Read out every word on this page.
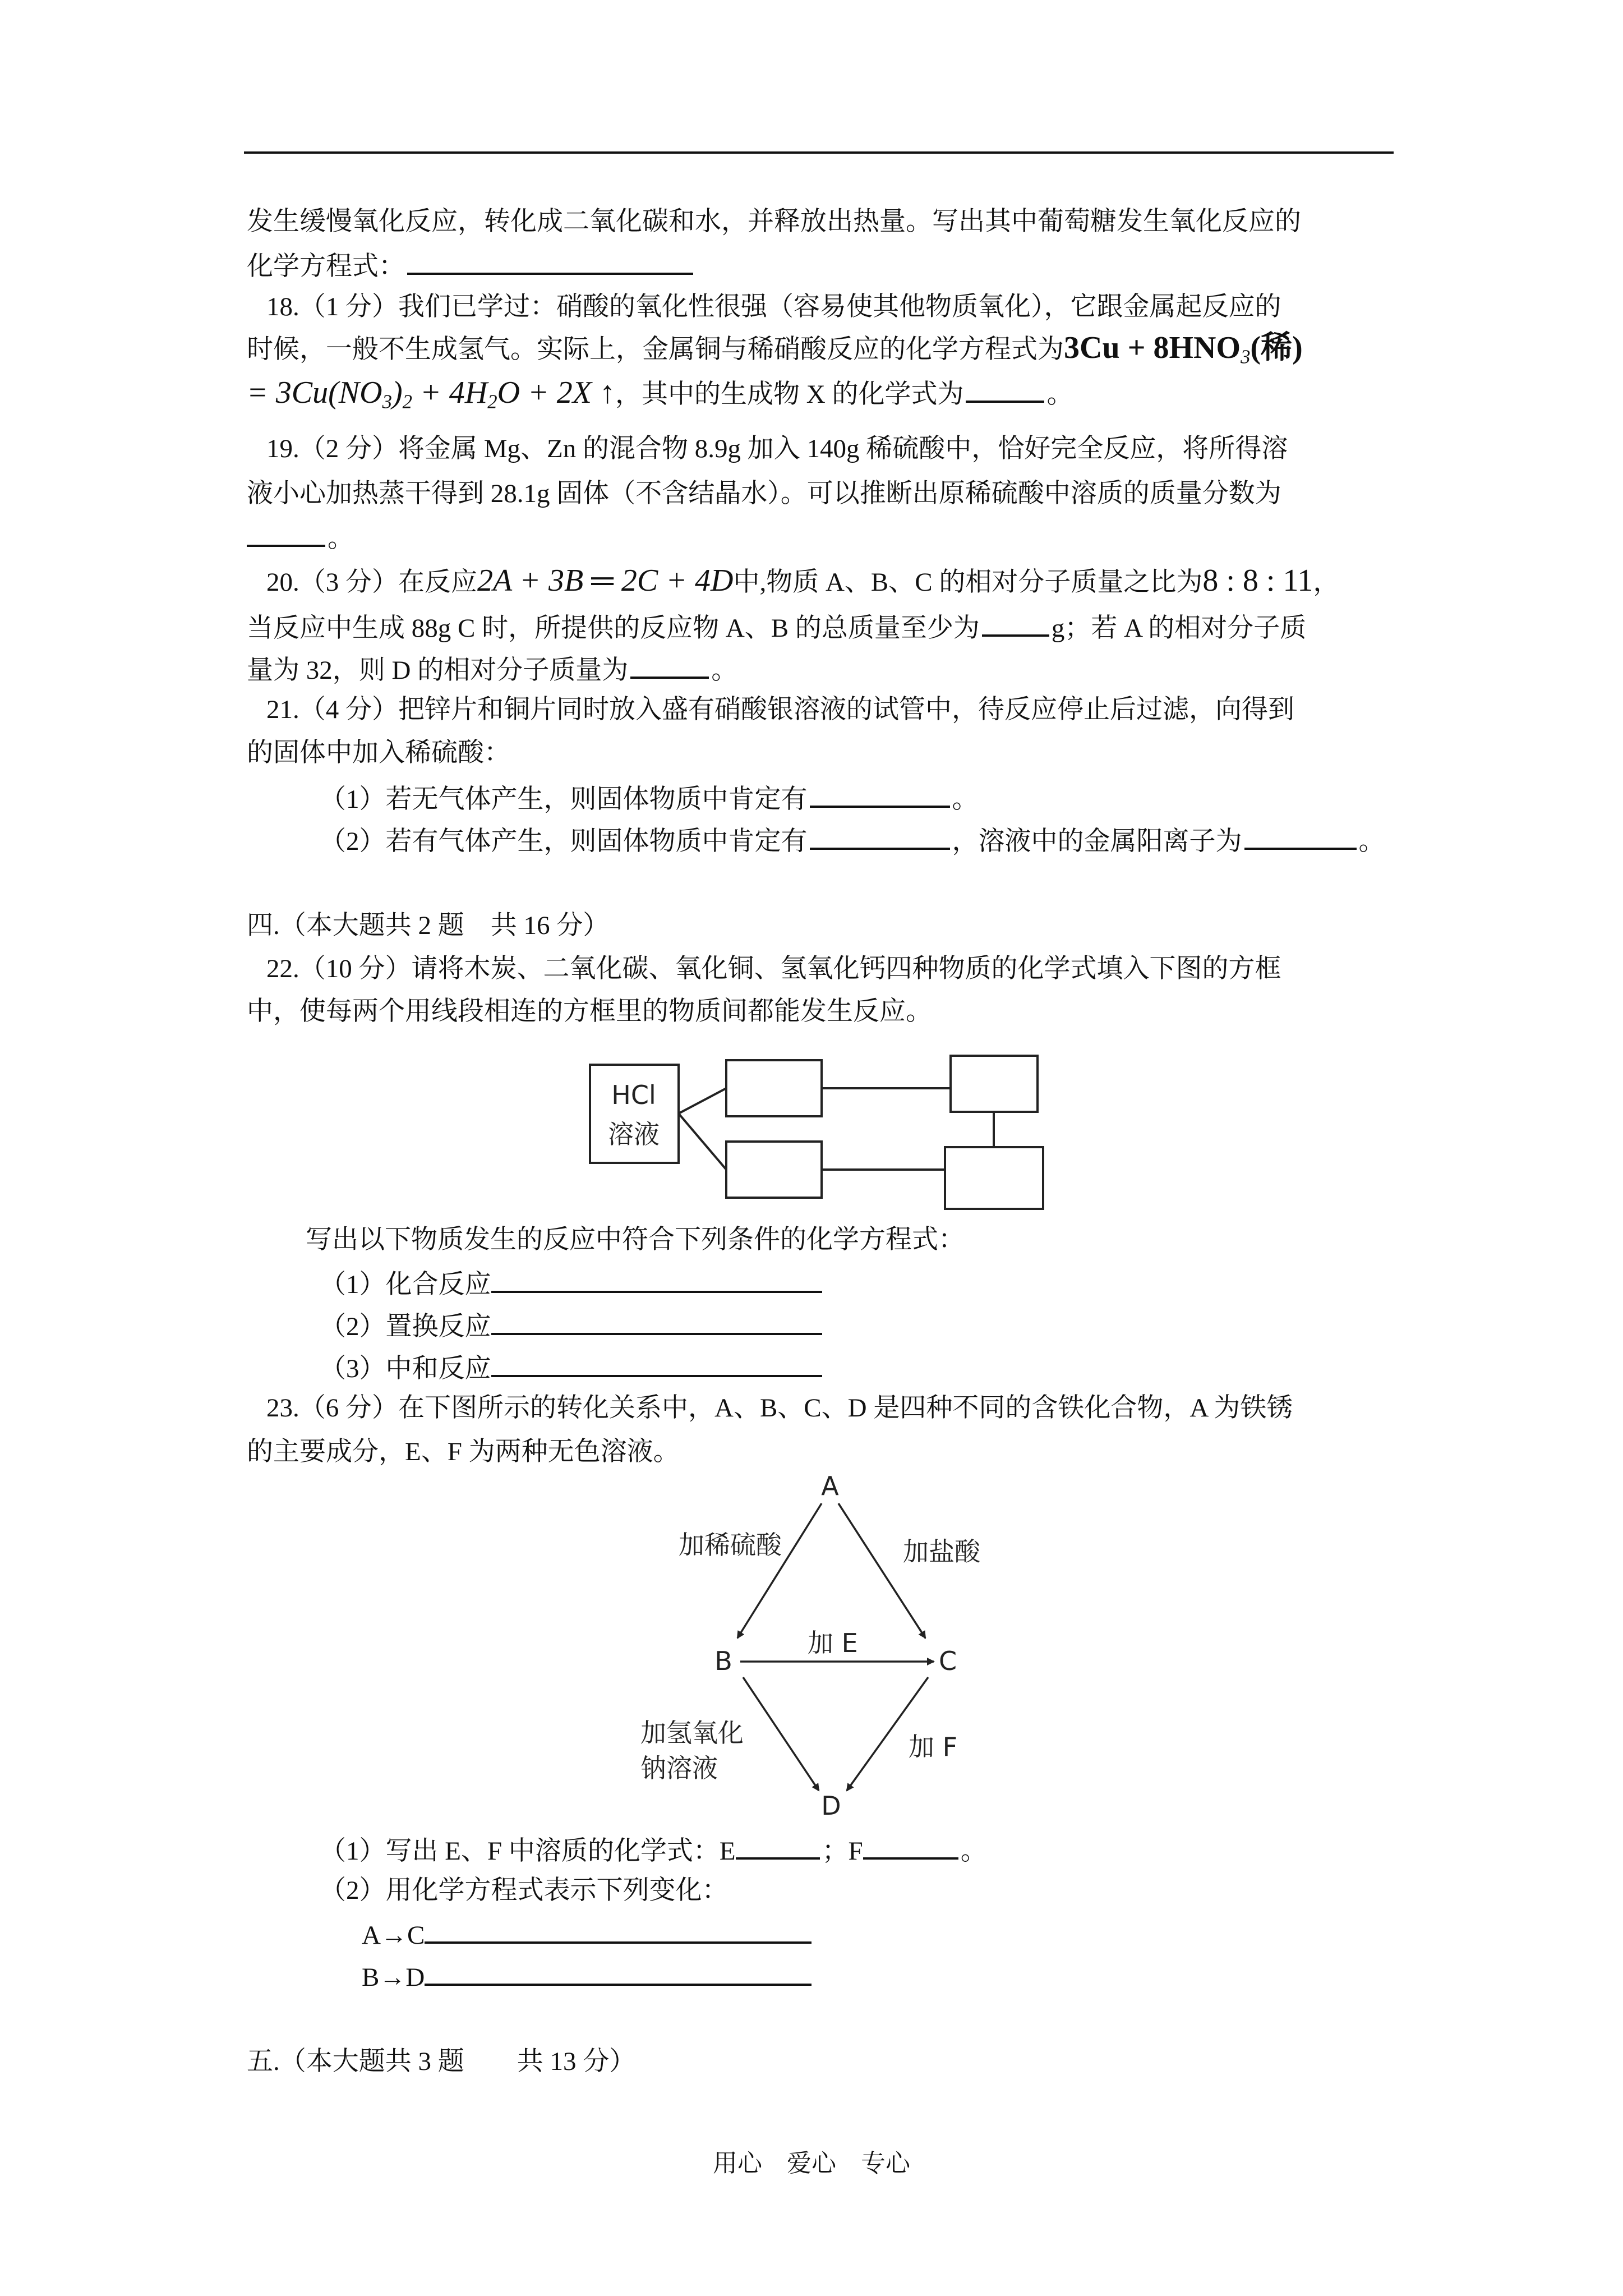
发生缓慢氧化反应，转化成二氧化碳和水，并释放出热量。写出其中葡萄糖发生氧化反应的
化学方程式：
18.（1 分）我们已学过：硝酸的氧化性很强（容易使其他物质氧化），它跟金属起反应的
时候，一般不生成氢气。实际上，金属铜与稀硝酸反应的化学方程式为$3Cu + 8HNO_3$(稀)
= $3Cu(NO_3)_2 + 4H_2O + 2X$ ↑，其中的生成物 X 的化学式为	。
19.（2 分）将金属 Mg、Zn 的混合物 8.9g 加入 140g 稀硫酸中，恰好完全反应，将所得溶
液小心加热蒸干得到 28.1g 固体（不含结晶水）。可以推断出原稀硫酸中溶质的质量分数为
。
20.（3 分）在反应2A + 3B ═ 2C + 4D中,物质 A、B、C 的相对分子质量之比为8 : 8 : 11，
当反应中生成 88g C 时，所提供的反应物 A、B 的总质量至少为	g；若 A 的相对分子质
量为 32，则 D 的相对分子质量为	。
21.（4 分）把锌片和铜片同时放入盛有硝酸银溶液的试管中，待反应停止后过滤，向得到
的固体中加入稀硫酸：
（1）若无气体产生，则固体物质中肯定有	。
（2）若有气体产生，则固体物质中肯定有	，溶液中的金属阳离子为	。
四.（本大题共 2 题　共 16 分）
22.（10 分）请将木炭、二氧化碳、氧化铜、氢氧化钙四种物质的化学式填入下图的方框
中，使每两个用线段相连的方框里的物质间都能发生反应。
HCl
溶液
写出以下物质发生的反应中符合下列条件的化学方程式：
（1）化合反应
（2）置换反应
（3）中和反应
23.（6 分）在下图所示的转化关系中，A、B、C、D 是四种不同的含铁化合物，A 为铁锈
的主要成分，E、F 为两种无色溶液。
A
B	C
D
加稀硫酸	加盐酸
加 E
加氢氧化
钠溶液
加 F
（1）写出 E、F 中溶质的化学式：E	；F	。
（2）用化学方程式表示下列变化：
A→C
B→D
五.（本大题共 3 题　　共 13 分）
用心　爱心　专心
